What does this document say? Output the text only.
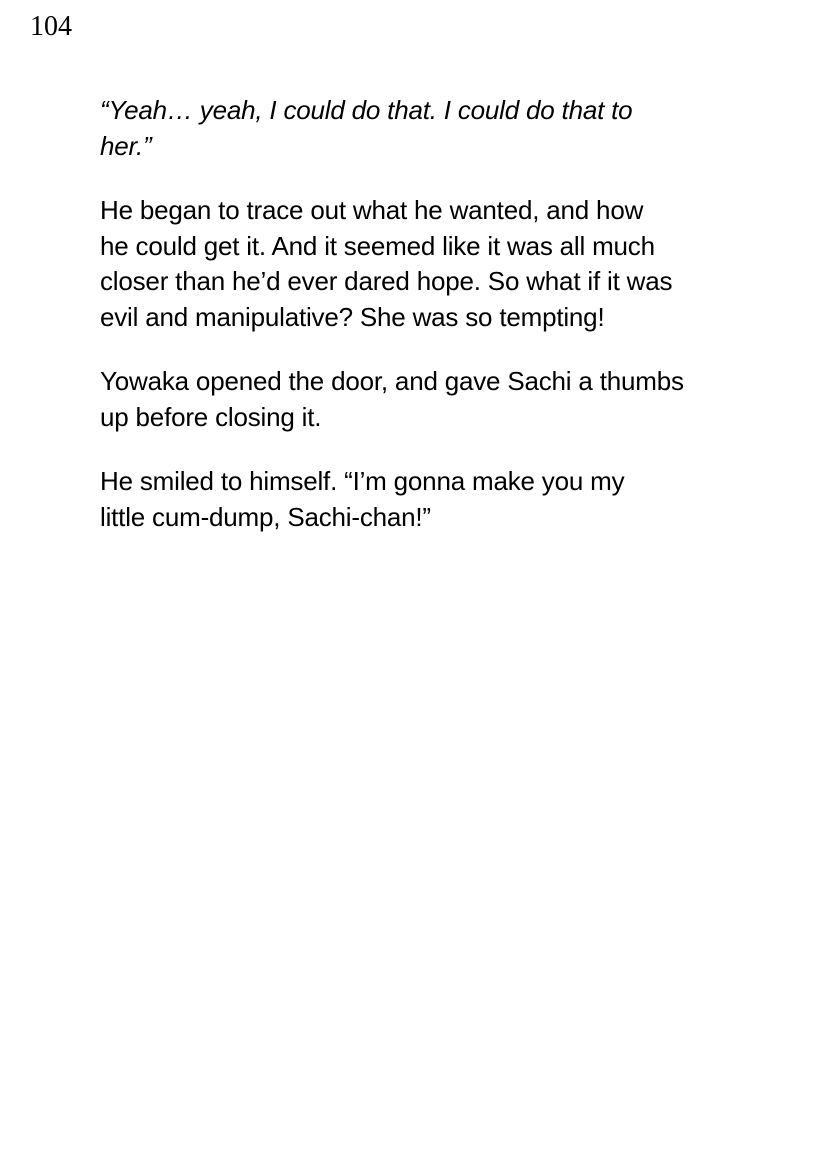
104

“Yeah… yeah, I could do that. I could do that to
her.”

He began to trace out what he wanted, and how
he could get it. And it seemed like it was all much
closer than he’d ever dared hope. So what if it was
evil and manipulative? She was so tempting!

Yowaka opened the door, and gave Sachi a thumbs
up before closing it.

He smiled to himself. “I’m gonna make you my
little cum-dump, Sachi-chan!”
